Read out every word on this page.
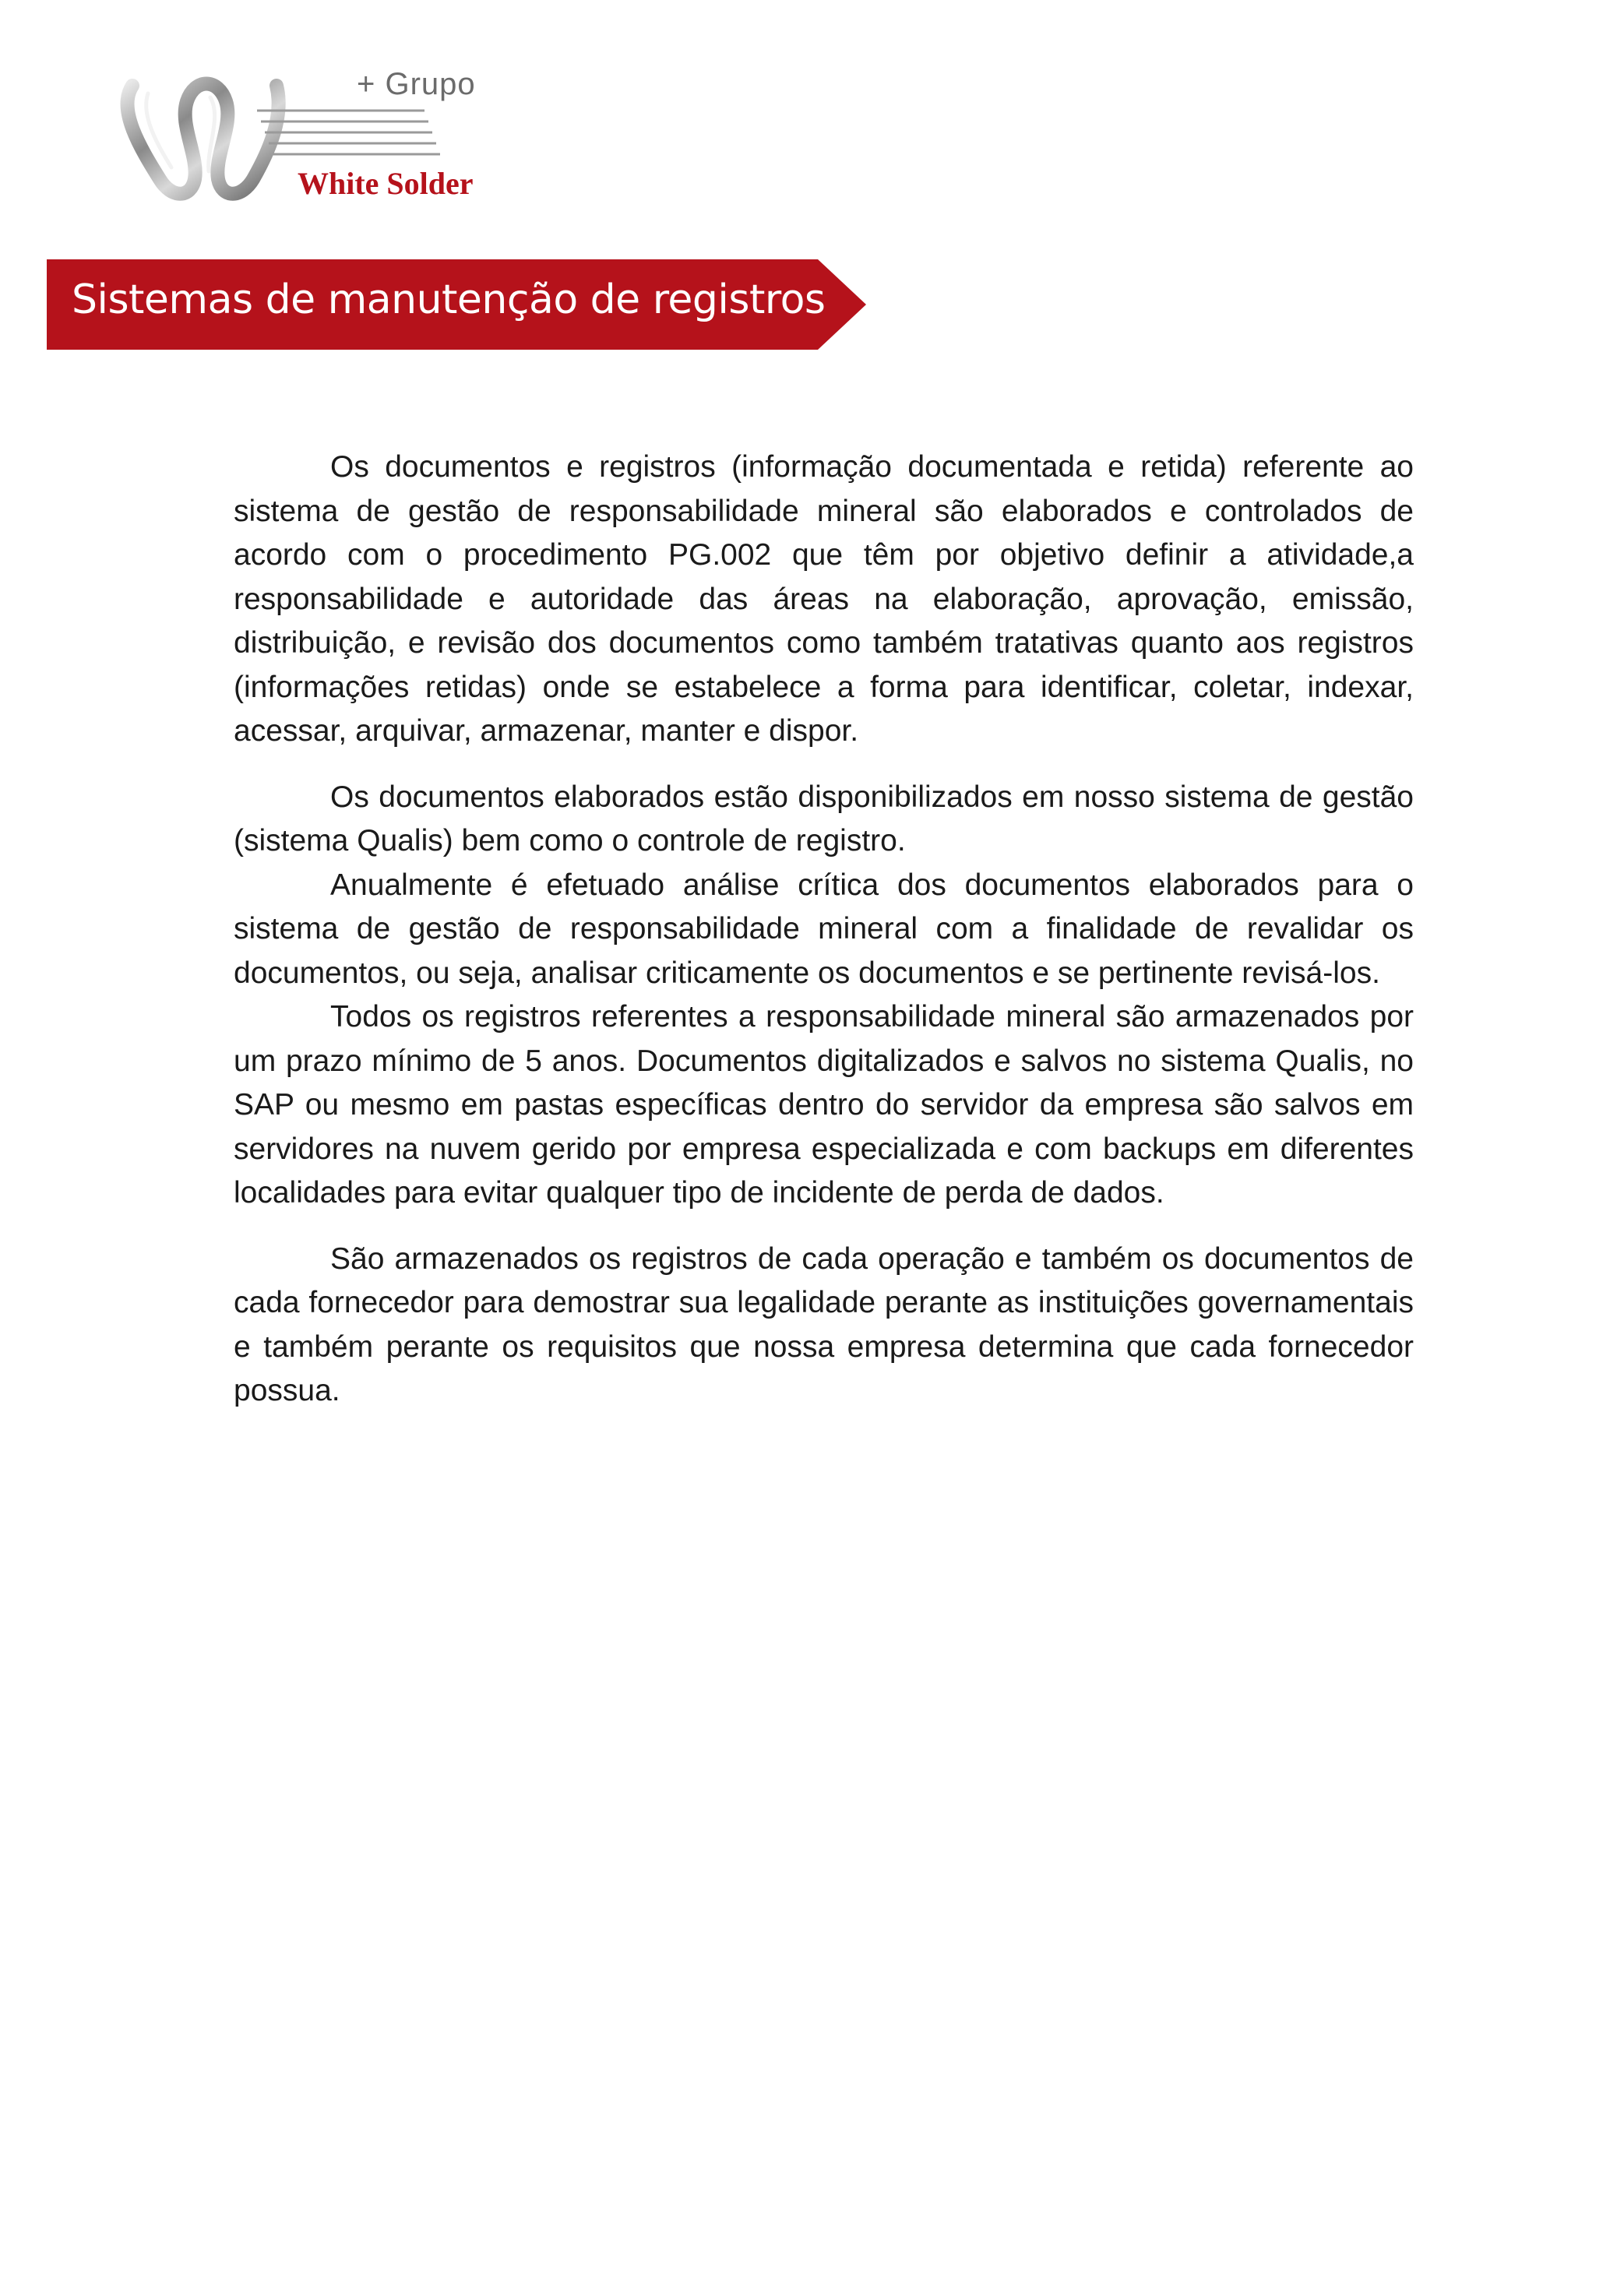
+ Grupo
White Solder
Sistemas de manutenção de registros

Os documentos e registros (informação documentada e retida) referente ao sistema de gestão de responsabilidade mineral são elaborados e controlados de acordo com o procedimento PG.002 que têm por objetivo definir a atividade,a responsabilidade e autoridade das áreas na elaboração, aprovação, emissão, distribuição, e revisão dos documentos como também tratativas quanto aos registros (informações retidas) onde se estabelece a forma para identificar, coletar, indexar, acessar, arquivar, armazenar, manter e dispor.

Os documentos elaborados estão disponibilizados em nosso sistema de gestão (sistema Qualis) bem como o controle de registro.

Anualmente é efetuado análise crítica dos documentos elaborados para o sistema de gestão de responsabilidade mineral com a finalidade de revalidar os documentos, ou seja, analisar criticamente os documentos e se pertinente revisá-los.

Todos os registros referentes a responsabilidade mineral são armazenados por um prazo mínimo de 5 anos. Documentos digitalizados e salvos no sistema Qualis, no SAP ou mesmo em pastas específicas dentro do servidor da empresa são salvos em servidores na nuvem gerido por empresa especializada e com backups em diferentes localidades para evitar qualquer tipo de incidente de perda de dados.

São armazenados os registros de cada operação e também os documentos de cada fornecedor para demostrar sua legalidade perante as instituições governamentais e também perante os requisitos que nossa empresa determina que cada fornecedor possua.
